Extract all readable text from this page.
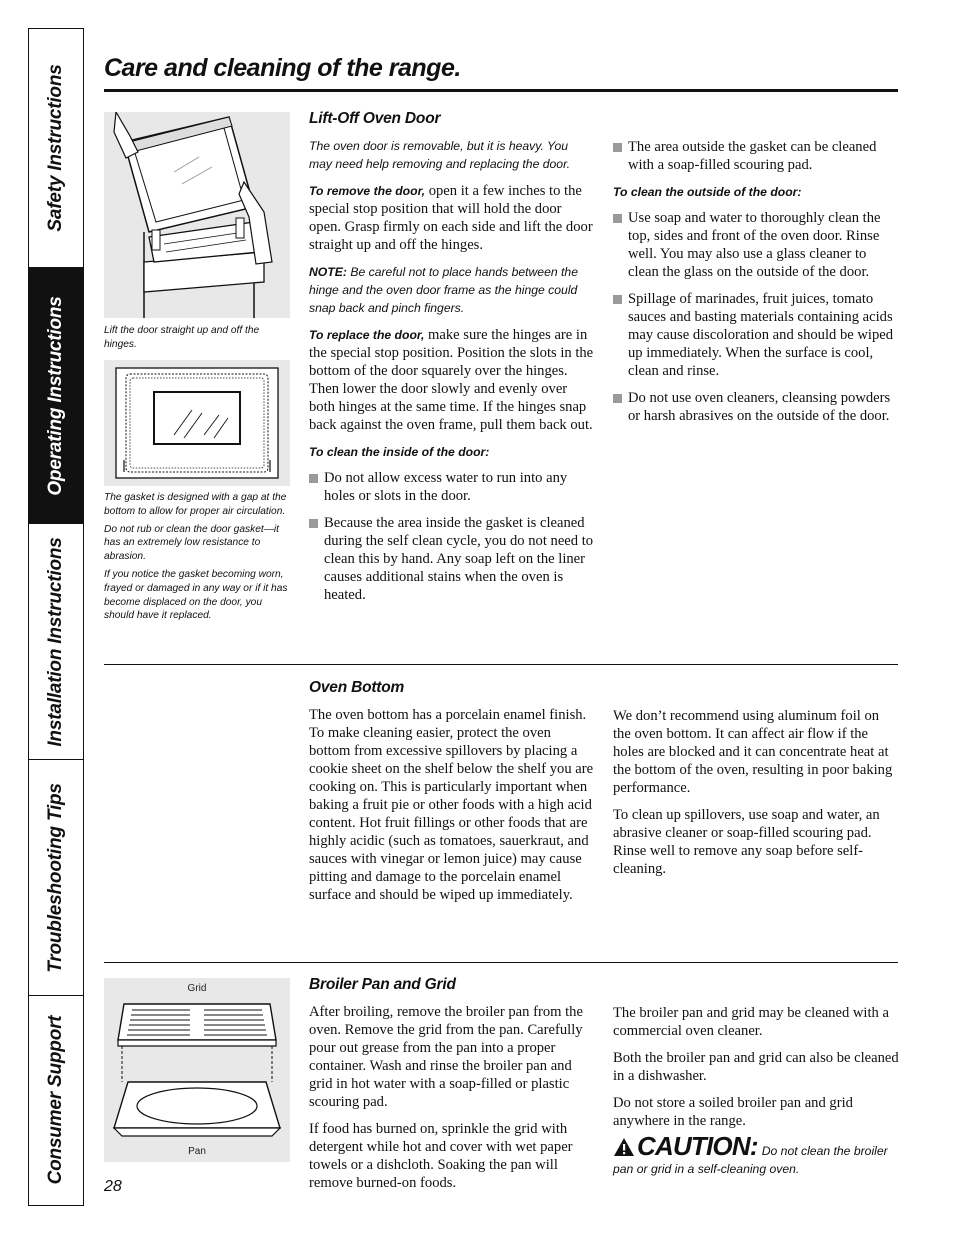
Safety Instructions
Operating Instructions
Installation Instructions
Troubleshooting Tips
Consumer Support
Care and cleaning of the range.
Lift the door straight up and off the hinges.

The gasket is designed with a gap at the bottom to allow for proper air circulation.

Do not rub or clean the door gasket—it has an extremely low resistance to abrasion.

If you notice the gasket becoming worn, frayed or damaged in any way or if it has become displaced on the door, you should have it replaced.

Lift-Off Oven Door

The oven door is removable, but it is heavy. You may need help removing and replacing the door.

To remove the door, open it a few inches to the special stop position that will hold the door open. Grasp firmly on each side and lift the door straight up and off the hinges.

NOTE: Be careful not to place hands between the hinge and the oven door frame as the hinge could snap back and pinch fingers.

To replace the door, make sure the hinges are in the special stop position. Position the slots in the bottom of the door squarely over the hinges. Then lower the door slowly and evenly over both hinges at the same time. If the hinges snap back against the oven frame, pull them back out.

To clean the inside of the door:
Do not allow excess water to run into any holes or slots in the door.
Because the area inside the gasket is cleaned during the self clean cycle, you do not need to clean this by hand. Any soap left on the liner causes additional stains when the oven is heated.
The area outside the gasket can be cleaned with a soap-filled scouring pad.
To clean the outside of the door:
Use soap and water to thoroughly clean the top, sides and front of the oven door. Rinse well. You may also use a glass cleaner to clean the glass on the outside of the door.
Spillage of marinades, fruit juices, tomato sauces and basting materials containing acids may cause discoloration and should be wiped up immediately. When the surface is cool, clean and rinse.
Do not use oven cleaners, cleansing powders or harsh abrasives on the outside of the door.
Oven Bottom

The oven bottom has a porcelain enamel finish. To make cleaning easier, protect the oven bottom from excessive spillovers by placing a cookie sheet on the shelf below the shelf you are cooking on. This is particularly important when baking a fruit pie or other foods with a high acid content. Hot fruit fillings or other foods that are highly acidic (such as tomatoes, sauerkraut, and sauces with vinegar or lemon juice) may cause pitting and damage to the porcelain enamel surface and should be wiped up immediately.

We don’t recommend using aluminum foil on the oven bottom. It can affect air flow if the holes are blocked and it can concentrate heat at the bottom of the oven, resulting in poor baking performance.

To clean up spillovers, use soap and water, an abrasive cleaner or soap-filled scouring pad. Rinse well to remove any soap before self-cleaning.

Grid
Pan
Broiler Pan and Grid

After broiling, remove the broiler pan from the oven. Remove the grid from the pan. Carefully pour out grease from the pan into a proper container. Wash and rinse the broiler pan and grid in hot water with a soap-filled or plastic scouring pad.

If food has burned on, sprinkle the grid with detergent while hot and cover with wet paper towels or a dishcloth. Soaking the pan will remove burned-on foods.

The broiler pan and grid may be cleaned with a commercial oven cleaner.

Both the broiler pan and grid can also be cleaned in a dishwasher.

Do not store a soiled broiler pan and grid anywhere in the range.

CAUTION: Do not clean the broiler pan or grid in a self-cleaning oven.
28
